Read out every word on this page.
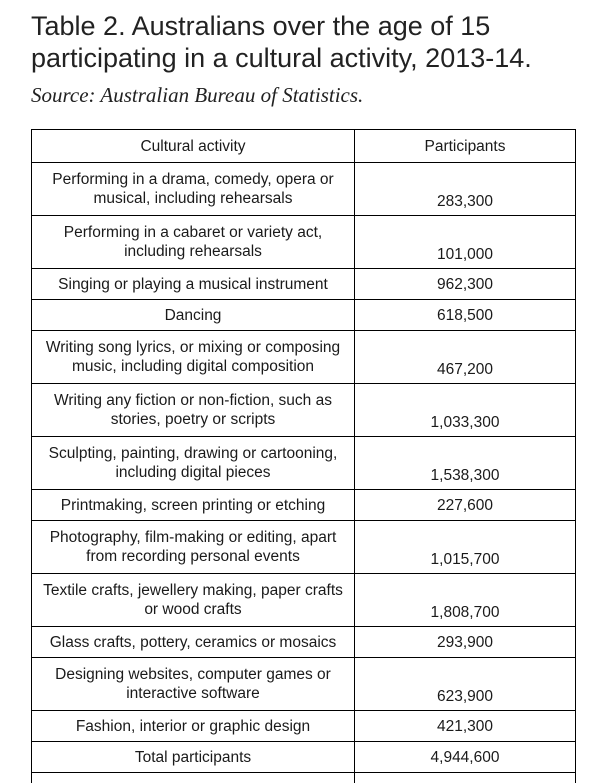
Table 2. Australians over the age of 15 participating in a cultural activity, 2013-14.
Source: Australian Bureau of Statistics.
Cultural activity	Participants
Performing in a drama, comedy, opera or musical, including rehearsals	283,300
Performing in a cabaret or variety act, including rehearsals	101,000
Singing or playing a musical instrument	962,300
Dancing	618,500
Writing song lyrics, or mixing or composing music, including digital composition	467,200
Writing any fiction or non-fiction, such as stories, poetry or scripts	1,033,300
Sculpting, painting, drawing or cartooning, including digital pieces	1,538,300
Printmaking, screen printing or etching	227,600
Photography, film-making or editing, apart from recording personal events	1,015,700
Textile crafts, jewellery making, paper crafts or wood crafts	1,808,700
Glass crafts, pottery, ceramics or mosaics	293,900
Designing websites, computer games or interactive software	623,900
Fashion, interior or graphic design	421,300
Total participants	4,944,600
